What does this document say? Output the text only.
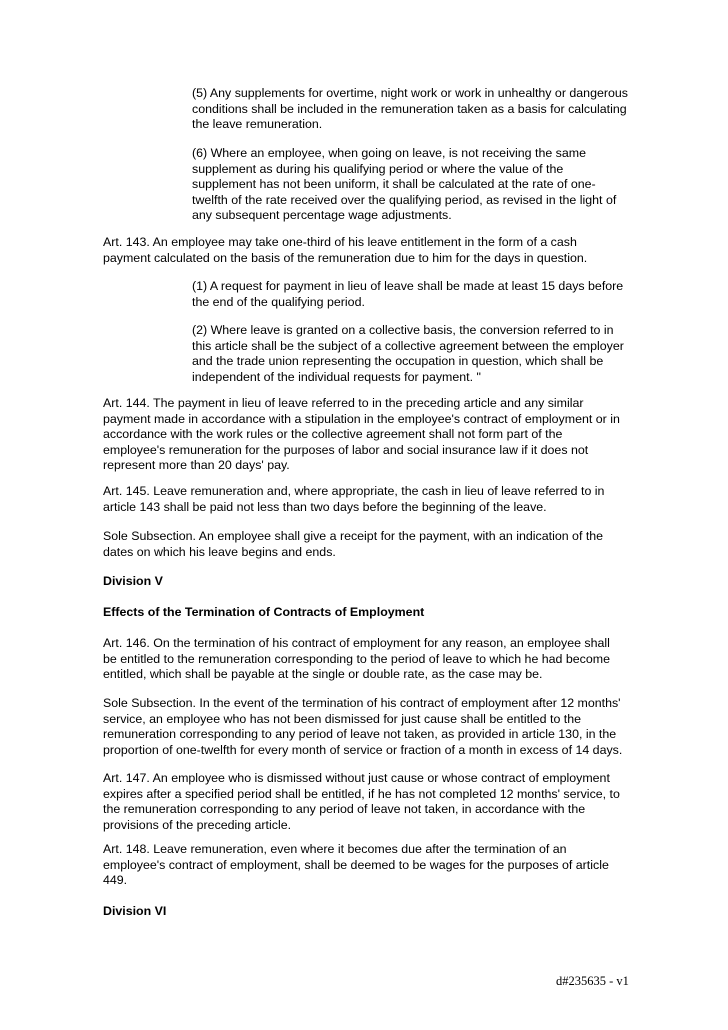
(5) Any supplements for overtime, night work or work in unhealthy or dangerous conditions shall be included in the remuneration taken as a basis for calculating the leave remuneration.

(6) Where an employee, when going on leave, is not receiving the same supplement as during his qualifying period or where the value of the supplement has not been uniform, it shall be calculated at the rate of one-twelfth of the rate received over the qualifying period, as revised in the light of any subsequent percentage wage adjustments.

Art. 143. An employee may take one-third of his leave entitlement in the form of a cash payment calculated on the basis of the remuneration due to him for the days in question.

(1) A request for payment in lieu of leave shall be made at least 15 days before the end of the qualifying period.

(2) Where leave is granted on a collective basis, the conversion referred to in this article shall be the subject of a collective agreement between the employer and the trade union representing the occupation in question, which shall be independent of the individual requests for payment. "

Art. 144. The payment in lieu of leave referred to in the preceding article and any similar payment made in accordance with a stipulation in the employee's contract of employment or in accordance with the work rules or the collective agreement shall not form part of the employee's remuneration for the purposes of labor and social insurance law if it does not represent more than 20 days' pay.

Art. 145. Leave remuneration and, where appropriate, the cash in lieu of leave referred to in article 143 shall be paid not less than two days before the beginning of the leave.

Sole Subsection. An employee shall give a receipt for the payment, with an indication of the dates on which his leave begins and ends.

Division V

Effects of the Termination of Contracts of Employment

Art. 146. On the termination of his contract of employment for any reason, an employee shall be entitled to the remuneration corresponding to the period of leave to which he had become entitled, which shall be payable at the single or double rate, as the case may be.

Sole Subsection. In the event of the termination of his contract of employment after 12 months' service, an employee who has not been dismissed for just cause shall be entitled to the remuneration corresponding to any period of leave not taken, as provided in article 130, in the proportion of one-twelfth for every month of service or fraction of a month in excess of 14 days.

Art. 147. An employee who is dismissed without just cause or whose contract of employment expires after a specified period shall be entitled, if he has not completed 12 months' service, to the remuneration corresponding to any period of leave not taken, in accordance with the provisions of the preceding article.

Art. 148. Leave remuneration, even where it becomes due after the termination of an employee's contract of employment, shall be deemed to be wages for the purposes of article 449.

Division VI

d#235635 - v1
